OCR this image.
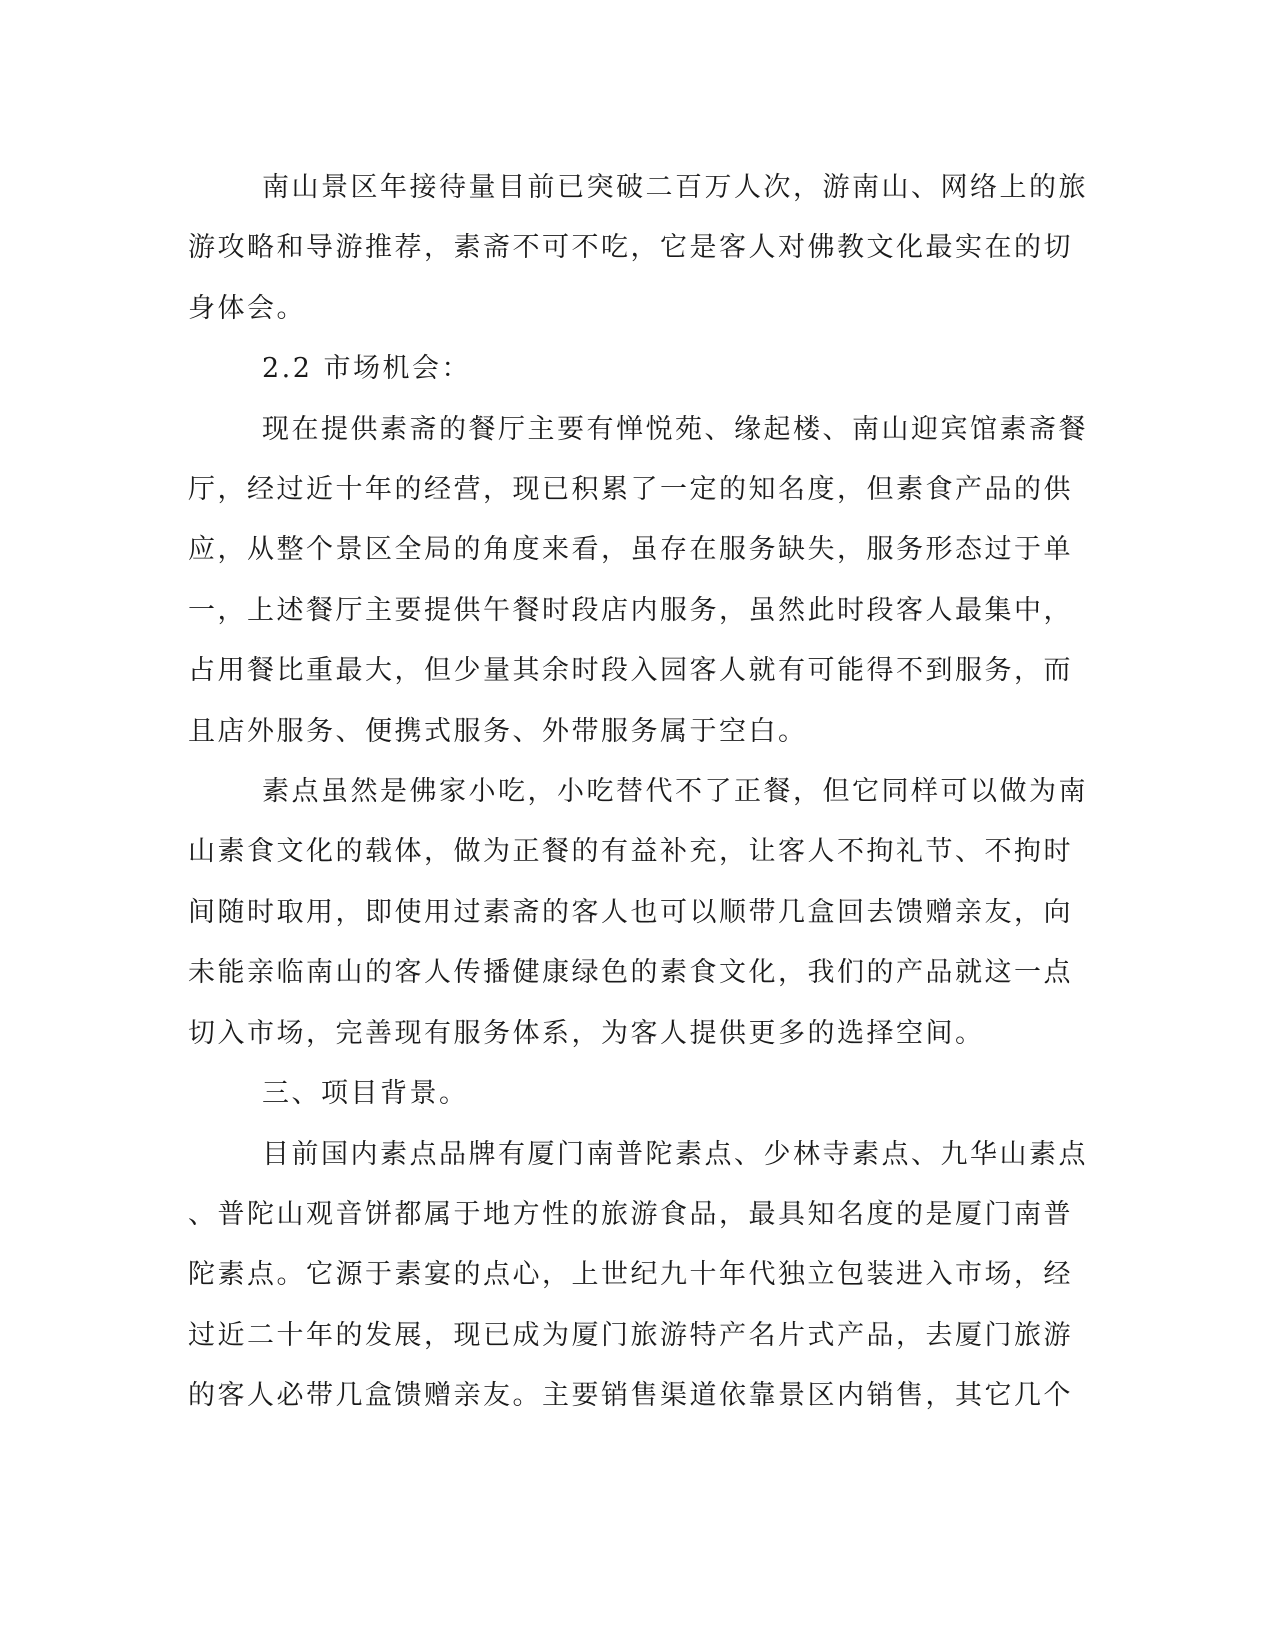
南山景区年接待量目前已突破二百万人次，游南山、网络上的旅
游攻略和导游推荐，素斋不可不吃，它是客人对佛教文化最实在的切
身体会。

2.2 市场机会：

现在提供素斋的餐厅主要有惮悦苑、缘起楼、南山迎宾馆素斋餐
厅，经过近十年的经营，现已积累了一定的知名度，但素食产品的供
应，从整个景区全局的角度来看，虽存在服务缺失，服务形态过于单
一，上述餐厅主要提供午餐时段店内服务，虽然此时段客人最集中，
占用餐比重最大，但少量其余时段入园客人就有可能得不到服务，而
且店外服务、便携式服务、外带服务属于空白。

素点虽然是佛家小吃，小吃替代不了正餐，但它同样可以做为南
山素食文化的载体，做为正餐的有益补充，让客人不拘礼节、不拘时
间随时取用，即使用过素斋的客人也可以顺带几盒回去馈赠亲友，向
未能亲临南山的客人传播健康绿色的素食文化，我们的产品就这一点
切入市场，完善现有服务体系，为客人提供更多的选择空间。

三、项目背景。

目前国内素点品牌有厦门南普陀素点、少林寺素点、九华山素点
、普陀山观音饼都属于地方性的旅游食品，最具知名度的是厦门南普
陀素点。它源于素宴的点心，上世纪九十年代独立包装进入市场，经
过近二十年的发展，现已成为厦门旅游特产名片式产品，去厦门旅游
的客人必带几盒馈赠亲友。主要销售渠道依靠景区内销售，其它几个
